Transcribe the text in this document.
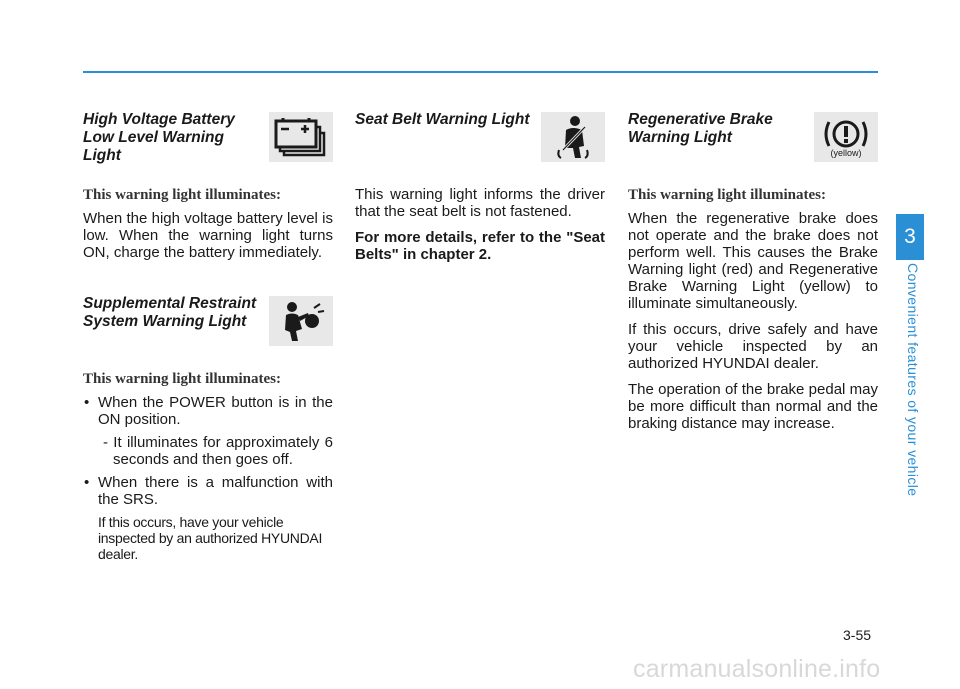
High Voltage Battery
Low Level Warning
Light

This warning light illuminates:

When the high voltage battery level is low. When the warning light turns ON, charge the battery immediately.

Supplemental Restraint
System Warning Light

This warning light illuminates:

• When the POWER button is in the ON position.
- It illuminates for approximately 6 seconds and then goes off.
• When there is a malfunction with the SRS.
If this occurs, have your vehicle inspected by an authorized HYUNDAI dealer.
Seat Belt Warning Light

This warning light informs the driver that the seat belt is not fastened.

For more details, refer to the "Seat Belts" in chapter 2.

Regenerative Brake
Warning Light
(yellow)

This warning light illuminates:

When the regenerative brake does not operate and the brake does not perform well. This causes the Brake Warning light (red) and Regenerative Brake Warning Light (yellow) to illuminate simultaneously.

If this occurs, drive safely and have your vehicle inspected by an authorized HYUNDAI dealer.

The operation of the brake pedal may be more difficult than normal and the braking distance may increase.

3
Convenient features of your vehicle
3-55
carmanualsonline.info
